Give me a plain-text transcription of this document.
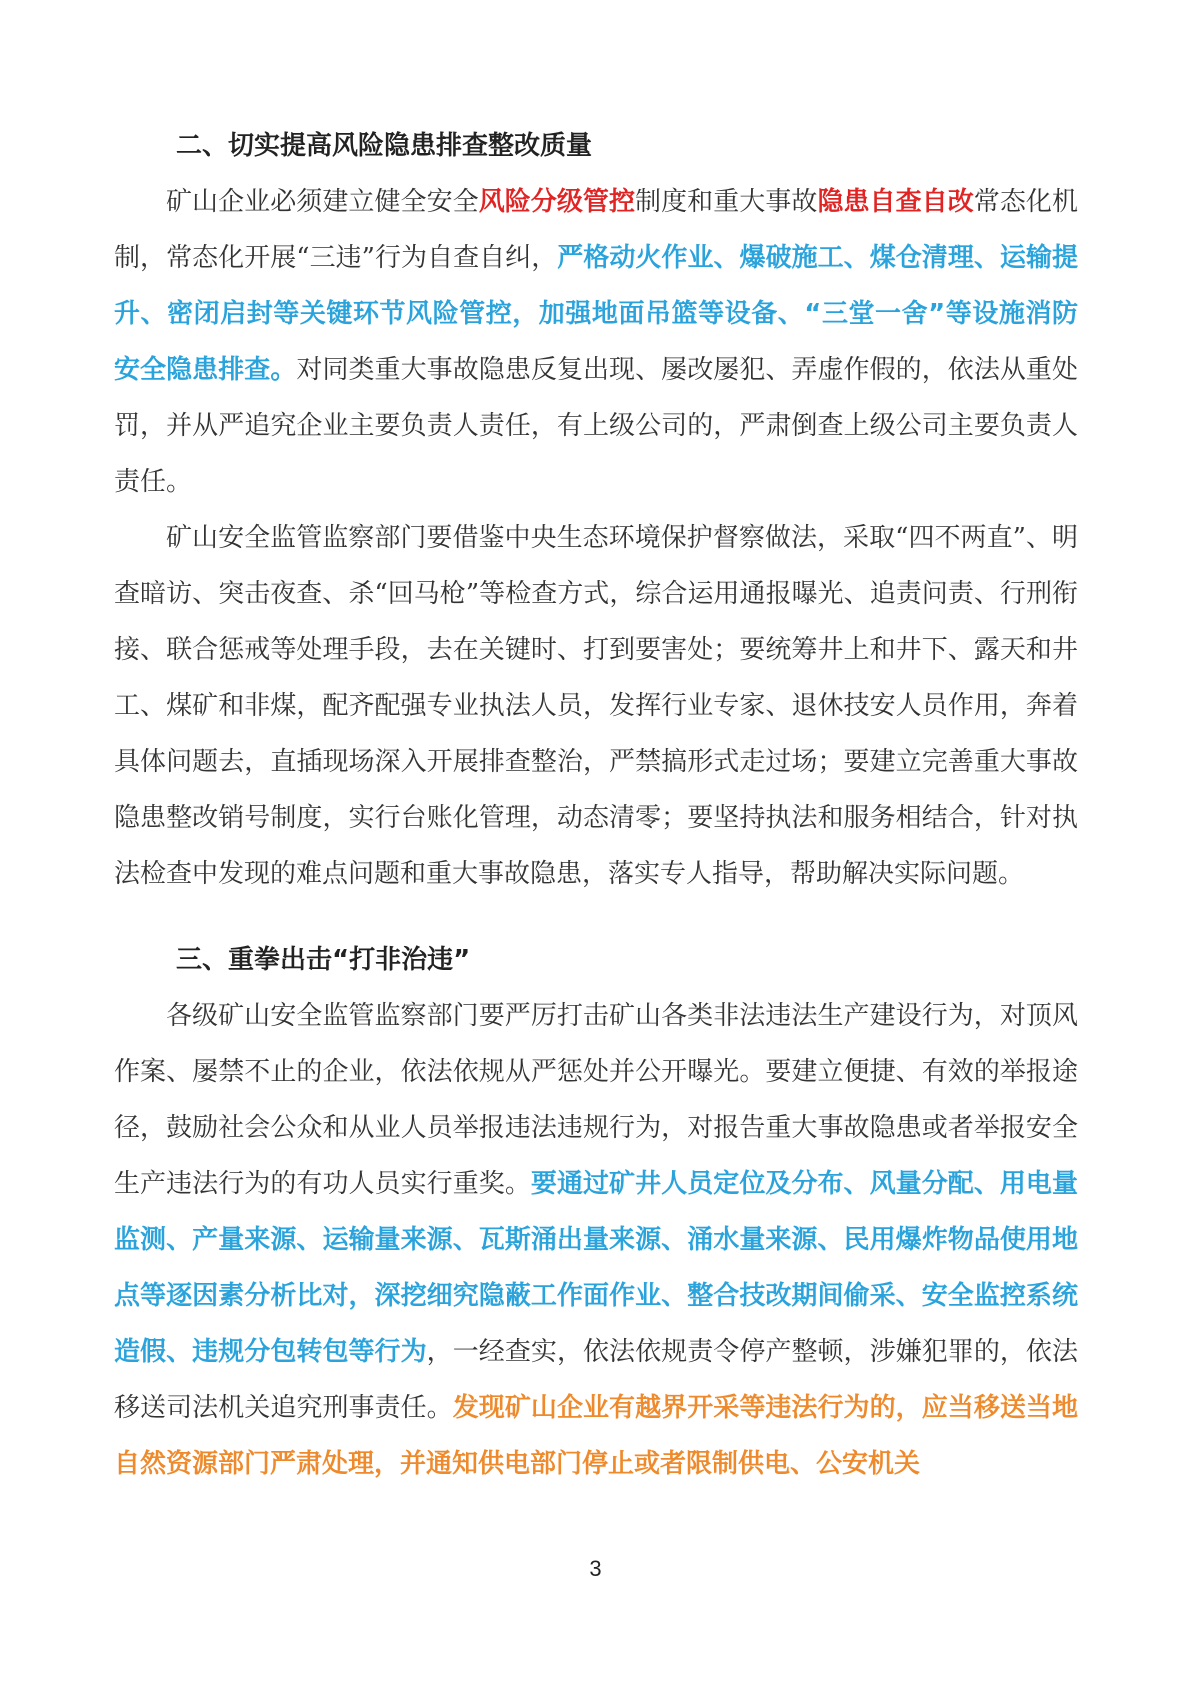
二、切实提高风险隐患排查整改质量

矿山企业必须建立健全安全风险分级管控制度和重大事故隐患自查自改常态化机制，常态化开展“三违”行为自查自纠，严格动火作业、爆破施工、煤仓清理、运输提升、密闭启封等关键环节风险管控，加强地面吊篮等设备、“三堂一舍”等设施消防安全隐患排查。对同类重大事故隐患反复出现、屡改屡犯、弄虚作假的，依法从重处罚，并从严追究企业主要负责人责任，有上级公司的，严肃倒查上级公司主要负责人责任。

矿山安全监管监察部门要借鉴中央生态环境保护督察做法，采取“四不两直”、明查暗访、突击夜查、杀“回马枪”等检查方式，综合运用通报曝光、追责问责、行刑衔接、联合惩戒等处理手段，去在关键时、打到要害处；要统筹井上和井下、露天和井工、煤矿和非煤，配齐配强专业执法人员，发挥行业专家、退休技安人员作用，奔着具体问题去，直插现场深入开展排查整治，严禁搞形式走过场；要建立完善重大事故隐患整改销号制度，实行台账化管理，动态清零；要坚持执法和服务相结合，针对执法检查中发现的难点问题和重大事故隐患，落实专人指导，帮助解决实际问题。

三、重拳出击“打非治违”

各级矿山安全监管监察部门要严厉打击矿山各类非法违法生产建设行为，对顶风作案、屡禁不止的企业，依法依规从严惩处并公开曝光。要建立便捷、有效的举报途径，鼓励社会公众和从业人员举报违法违规行为，对报告重大事故隐患或者举报安全生产违法行为的有功人员实行重奖。要通过矿井人员定位及分布、风量分配、用电量监测、产量来源、运输量来源、瓦斯涌出量来源、涌水量来源、民用爆炸物品使用地点等逐因素分析比对，深挖细究隐蔽工作面作业、整合技改期间偷采、安全监控系统造假、违规分包转包等行为，一经查实，依法依规责令停产整顿，涉嫌犯罪的，依法移送司法机关追究刑事责任。发现矿山企业有越界开采等违法行为的，应当移送当地自然资源部门严肃处理，并通知供电部门停止或者限制供电、公安机关

3
